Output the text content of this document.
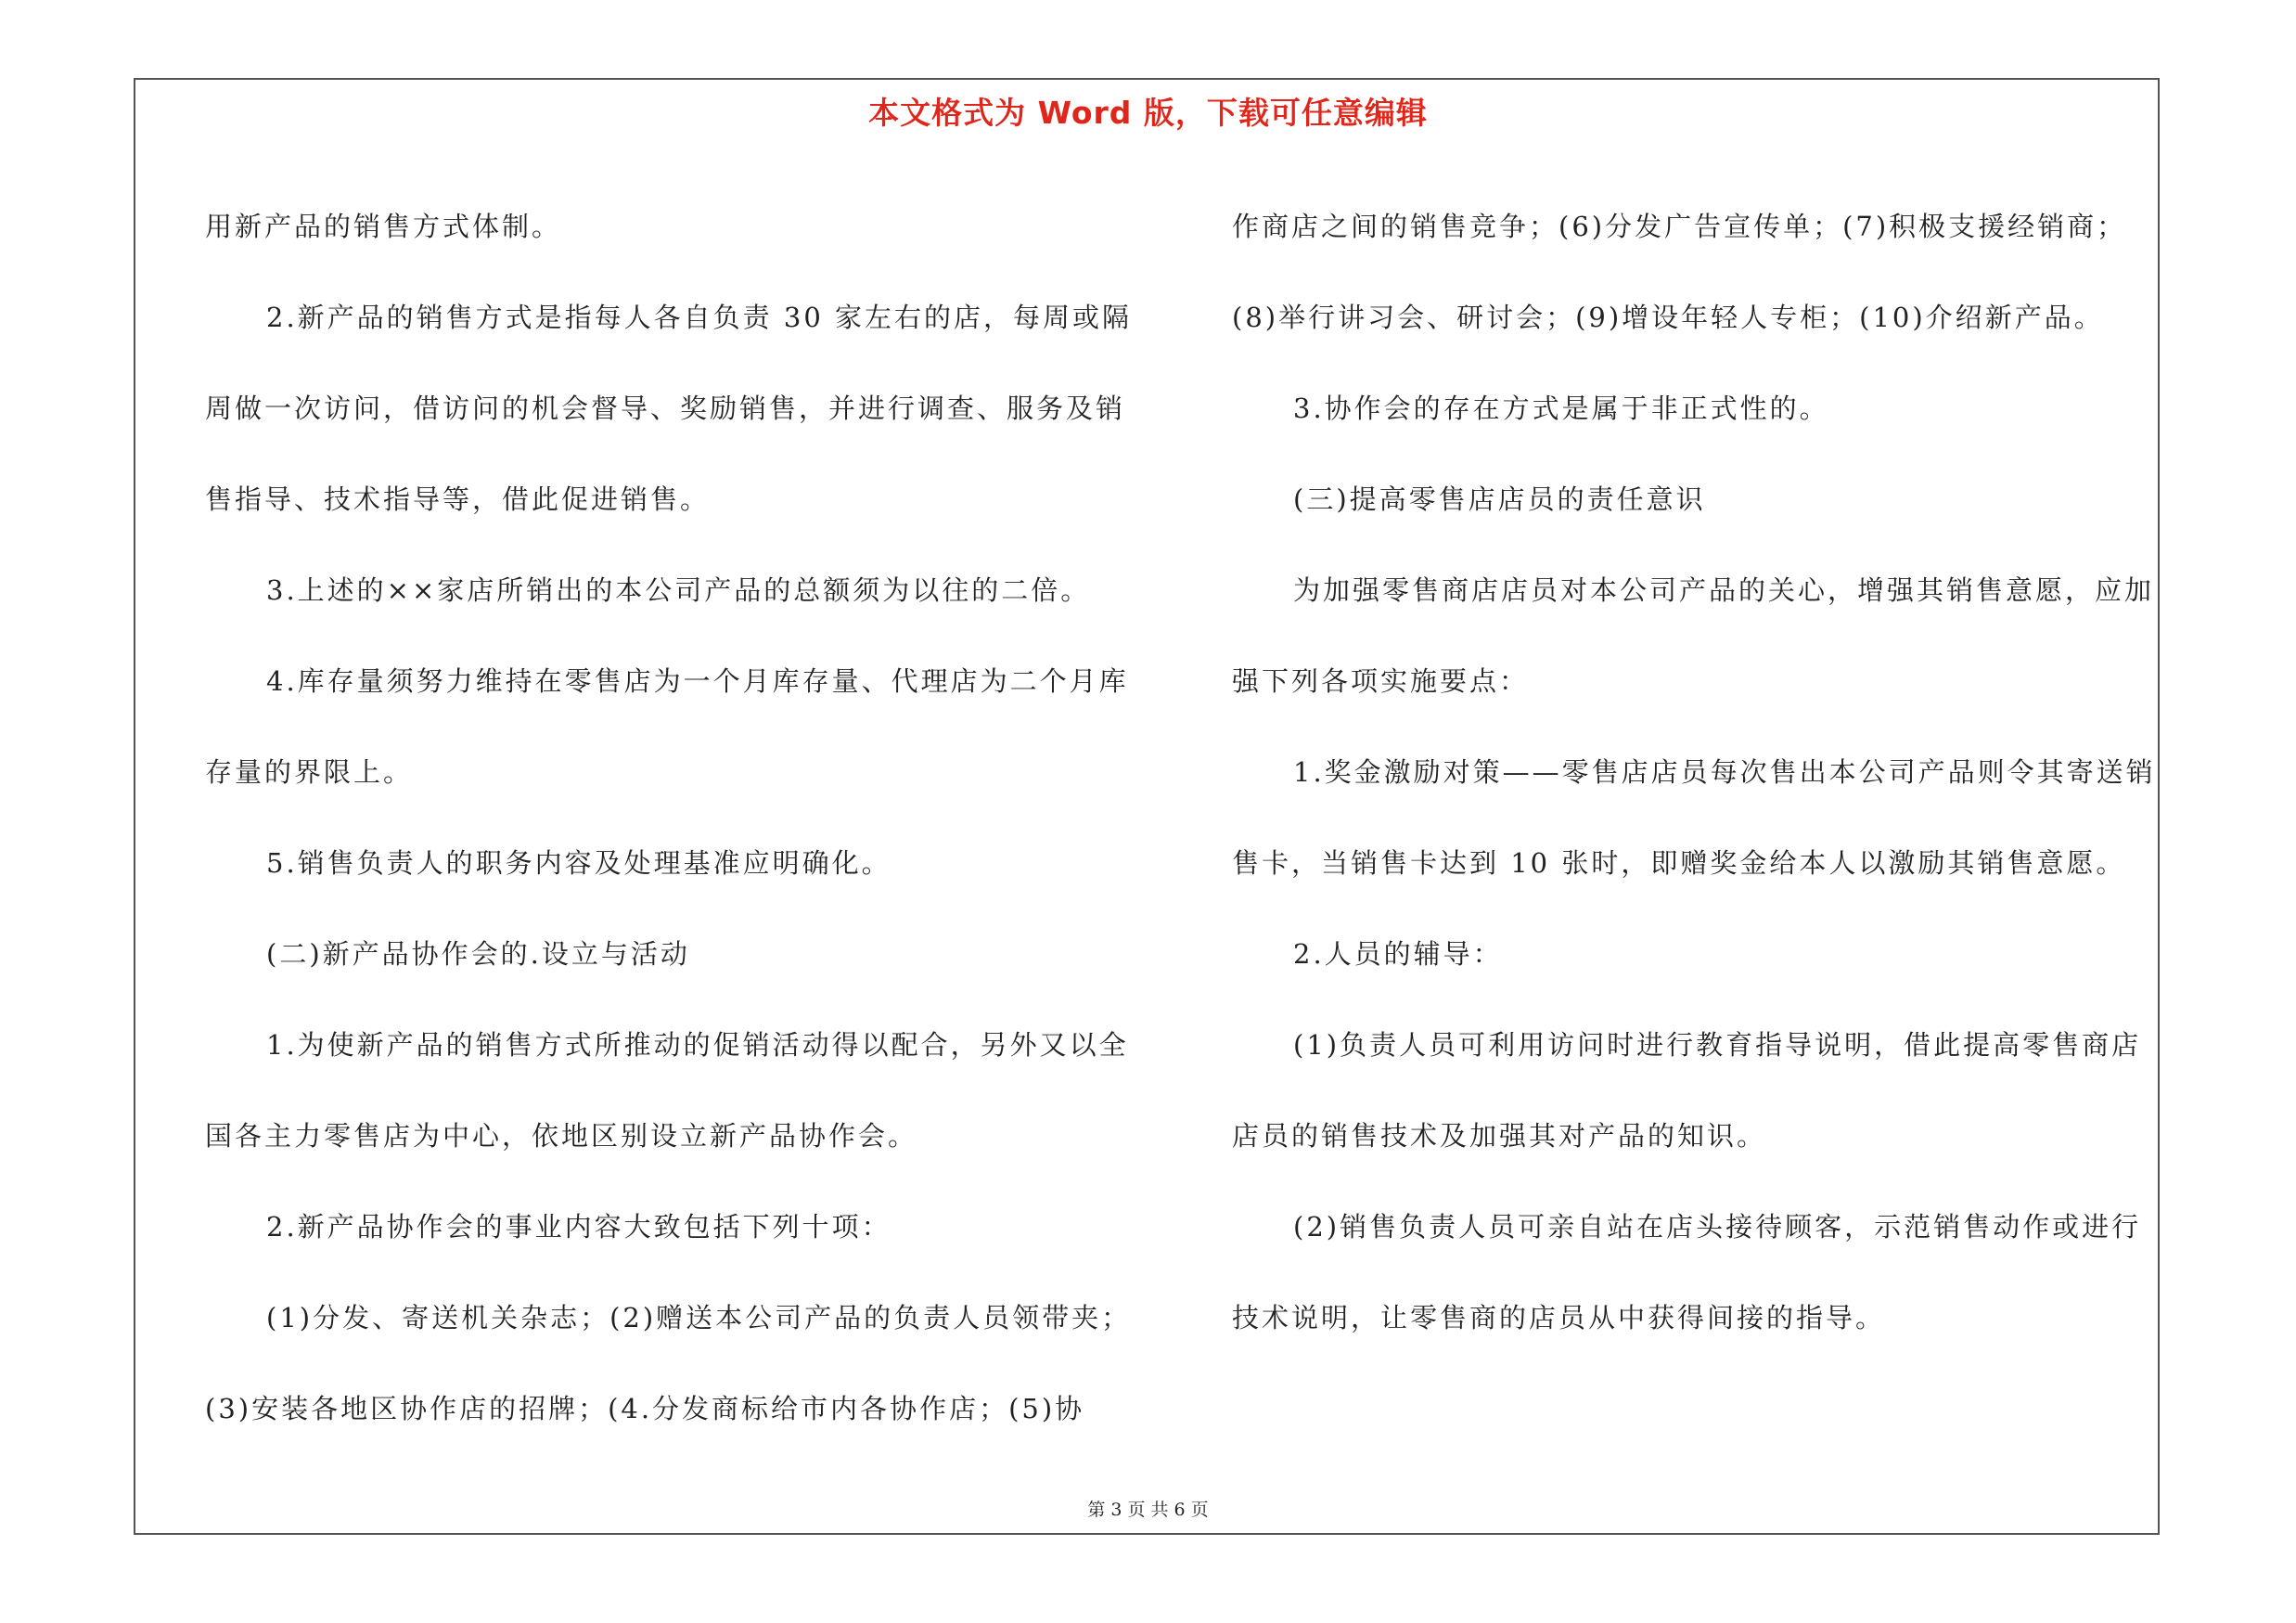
本文格式为 Word 版，下载可任意编辑

用新产品的销售方式体制。

2.新产品的销售方式是指每人各自负责 30 家左右的店，每周或隔周做一次访问，借访问的机会督导、奖励销售，并进行调查、服务及销售指导、技术指导等，借此促进销售。

3.上述的××家店所销出的本公司产品的总额须为以往的二倍。

4.库存量须努力维持在零售店为一个月库存量、代理店为二个月库存量的界限上。

5.销售负责人的职务内容及处理基准应明确化。

(二)新产品协作会的.设立与活动

1.为使新产品的销售方式所推动的促销活动得以配合，另外又以全国各主力零售店为中心，依地区别设立新产品协作会。

2.新产品协作会的事业内容大致包括下列十项：

(1)分发、寄送机关杂志；(2)赠送本公司产品的负责人员领带夹；(3)安装各地区协作店的招牌；(4.分发商标给市内各协作店；(5)协

作商店之间的销售竞争；(6)分发广告宣传单；(7)积极支援经销商；(8)举行讲习会、研讨会；(9)增设年轻人专柜；(10)介绍新产品。

3.协作会的存在方式是属于非正式性的。

(三)提高零售店店员的责任意识

为加强零售商店店员对本公司产品的关心，增强其销售意愿，应加强下列各项实施要点：

1.奖金激励对策——零售店店员每次售出本公司产品则令其寄送销售卡，当销售卡达到 10 张时，即赠奖金给本人以激励其销售意愿。

2.人员的辅导：

(1)负责人员可利用访问时进行教育指导说明，借此提高零售商店店员的销售技术及加强其对产品的知识。

(2)销售负责人员可亲自站在店头接待顾客，示范销售动作或进行技术说明，让零售商的店员从中获得间接的指导。

第 3 页 共 6 页
